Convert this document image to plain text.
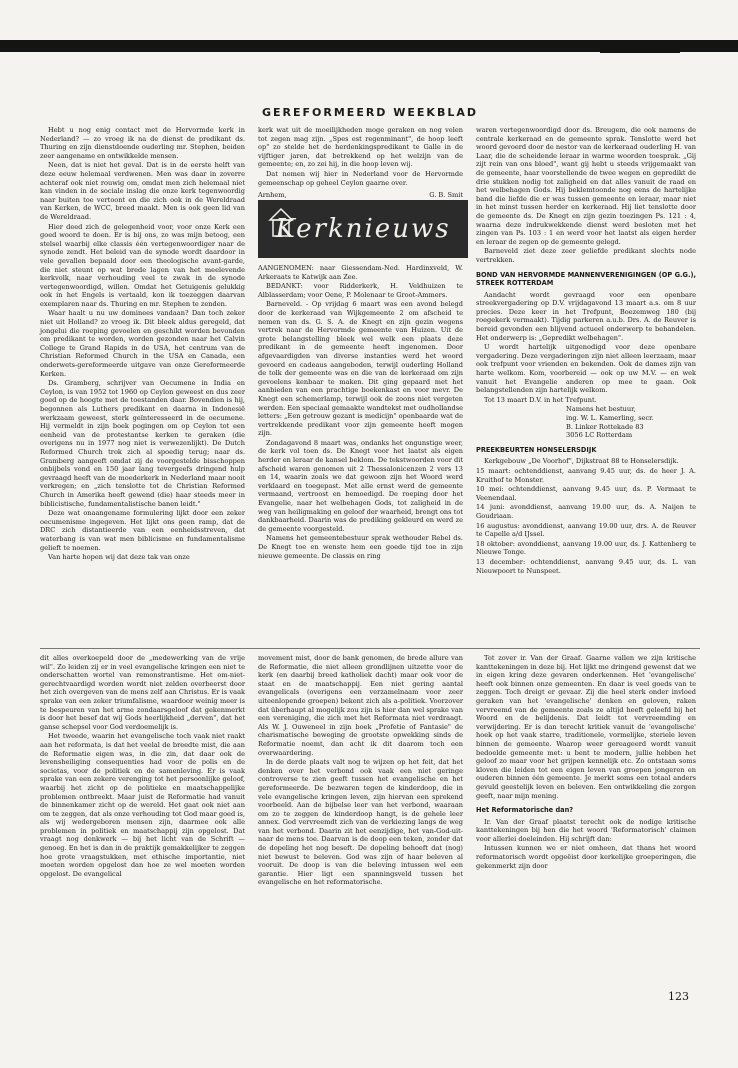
GEREFORMEERD WEEKBLAD

Hebt u nog enig contact met de Hervormde kerk in Nederland? — zo vroeg ik na de dienst de predikant ds. Thuring en zijn dienstdoende ouderling mr. Stephen, beiden zeer aangename en ontwikkelde mensen.

Neen, dat is niet het geval. Dat is in de eerste helft van deze eeuw helemaal verdwenen. Men was daar in zoverre achteraf ook niet rouwig om, omdat men zich helemaal niet kan vinden in de sociale inslag die onze kerk tegenwoordig naar buiten toe vertoont en die zich ook in de Wereldraad van Kerken, de WCC, breed maakt. Men is ook geen lid van de Wereldraad.

Hier deed zich de gelegenheid voor, voor onze Kerk een goed woord te doen. Er is bij ons, zo was mijn betoog, een stelsel waarbij elke classis één vertegenwoordiger naar de synode zendt. Het beleid van de synode wordt daardoor in vele gevallen bepaald door een theologische avant-garde, die niet steunt op wat brede lagen van het meelevende kerkvolk, naar verhouding veel te zwak in de synode vertegenwoordigd, willen. Omdat het Getuigenis gelukkig ook in het Engels is vertaald, kon ik toezeggen daarvan exemplaren naar ds. Thuring en mr. Stephen te zenden.

Waar haalt u nu uw dominees vandaan? Dan toch zeker niet uit Holland? zo vroeg ik. Dit bleek aldus geregeld, dat jongelui die roeping gevoelen en geschikt worden bevonden om predikant te worden, worden gezonden naar het Calvin College te Grand Rapids in de USA, het centrum van de Christian Reformed Church in the USA en Canada, een onderwets-gereformeerde uitgave van onze Gereformeerde Kerken.

Ds. Gramberg, schrijver van Oecumene in India en Ceylon, is van 1952 tot 1960 op Ceylon geweest en dus zeer goed op de hoogte met de toestanden daar. Bovendien is hij, begonnen als Luthers predikant en daarna in Indonesië werkzaam geweest, sterk geïnteresseerd in de oecumene. Hij vermeldt in zijn boek pogingen om op Ceylon tot een eenheid van de protestantse kerken te geraken (die overigens nu in 1977 nog niet is verwezenlijkt). De Dutch Reformed Church trok zich al spoedig terug; naar ds. Gramberg aangeeft omdat zij de voorgestelde bisschoppen onbijbels vond en 150 jaar lang tevergeefs dringend hulp gevraagd heeft van de moederkerk in Nederland maar nooit verkregen; en „zich tenslotte tot de Christian Reformed Church in Amerika heeft gewend (die) haar steeds meer in biblicistische, fundamentalistische banen leidt."

Deze wat onaangename formulering lijkt door een zeker oecumenisme ingegeven. Het lijkt ons geen ramp, dat de DRC zich distantieerde van een eenheidsstreven, dat waterbang is van wat men biblicisme en fundamentalisme gelieft te noemen.

Van harte hopen wij dat deze tak van onze

kerk wat uit de moeilijkheden moge geraken en nog velen tot zegen mag zijn. „Spes est regenminant", de hoop leeft op" zo stelde het de herdenkingspredikant te Galle in de vijftiger jaren, dat betrekkend op het welzijn van de gemeente; en, zo zei hij, in die hoop leven wij.

Dat nemen wij hier in Nederland voor de Hervormde gemeenschap op geheel Ceylon gaarne over.

Arnhem,	G. B. Smit
Kerknieuws

AANGENOMEN: naar Giessendam-Ned. Hardinxveld, W. Arkeraats te Katwijk aan Zee.

BEDANKT: voor Ridderkerk, H. Veldhuizen te Alblasserdam; voor Oene, P. Molenaar te Groot-Ammers.

Barneveld. - Op vrijdag 6 maart was een avond belegd door de kerkeraad van Wijkgemeente 2 om afscheid te nemen van ds. G. S. A. de Knegt en zijn gezin wegens vertrek naar de Hervormde gemeente van Huizen. Uit de grote belangstelling bleek wel welk een plaats deze predikant in de gemeente heeft ingenomen. Door afgevaardigden van diverse instanties werd het woord gevoerd en cadeaus aangeboden, terwijl ouderling Holland de tolk der gemeente was en die van de kerkeraad om zijn gevoelens kenbaar te maken. Dit ging gepaard met het aanbieden van een prachtige boekenkast en voor mevr. De Knegt een schemerlamp, terwijl ook de zoons niet vergeten werden. Een speciaal gemaakte wandtekst met oudhollandse letters: „Een getrouw gezant is medicijn" openbaarde wat de vertrekkende predikant voor zijn gemeente heeft mogen zijn.

Zondagavond 8 maart was, ondanks het ongunstige weer, de kerk vol toen ds. De Knegt voor het laatst als eigen herder en leraar de kansel beklom. De tekstwoorden voor dit afscheid waren genomen uit 2 Thessalonicenzen 2 vers 13 en 14, waarin zoals we dat gewoon zijn het Woord werd verklaard en toegepast. Met alle ernst werd de gemeente vermaand, vertroost en bemoedigd. De roeping door het Evangelie, naar het welbehagen Gods, tot zaligheid in de weg van heiligmaking en geloof der waarheid, brengt ons tot dankbaarheid. Daarin was de prediking gekleurd en werd ze de gemeente voorgesteld.

Namens het gemeentebestuur sprak wethouder Rebel ds. De Knegt toe en wenste hem een goede tijd toe in zijn nieuwe gemeente. De classis en ring

waren vertegenwoordigd door ds. Breugem, die ook namens de centrale kerkeraad en de gemeente sprak. Tenslotte werd het woord gevoerd door de nestor van de kerkeraad ouderling H. van Laar, die de scheidende leraar in warme woorden toesprak. „Gij zijt rein van ons bloed", want gij hebt u steeds vrijgemaakt van de gemeente, haar voorstellende de twee wegen en gepredikt de drie stukken nodig tot zaligheid en dat alles vanuit de raad en het welbehagen Gods. Hij beklemtoonde nog eens de hartelijke band die liefde die er was tussen gemeente en leraar, maar niet in het minst tussen herder en kerkeraad. Hij liet tenslotte door de gemeente ds. De Knegt en zijn gezin toezingen Ps. 121 : 4, waarna deze indrukwekkende dienst werd besloten met het zingen van Ps. 103 : 1 en werd voor het laatst als eigen herder en leraar de zegen op de gemeente gelegd.

Barneveld ziet deze zeer geliefde predikant slechts node vertrekken.

BOND VAN HERVORMDE MANNENVERENIGINGEN (OP G.G.), STREEK ROTTERDAM

Aandacht wordt gevraagd voor een openbare streekvergadering op D.V. vrijdagavond 13 maart a.s. om 8 uur precies. Deze keer in het Trefpunt, Boezemweg 180 (bij roegekerk vermaakt). Tijdig parkeren a.u.b. Drs. A. de Reuver is bereid gevonden een blijvend actueel onderwerp te behandelen. Het onderwerp is: „Gepredikt welbehagen".

U wordt hartelijk uitgenodigd voor deze openbare vergadering. Deze vergaderingen zijn niet alleen leerzaam, maar ook trefpunt voor vrienden en bekenden. Ook de dames zijn van harte welkom. Kom, voorbereid — ook op uw M.V. — en wek vanuit het Evangelie anderen op mee te gaan. Ook belangstellenden zijn hartelijk welkom.

Tot 13 maart D.V. in het Trefpunt.

Namens het bestuur,
ing. W. L. Kamerling, secr.
B. Linker Rottekade 83
3056 LC Rotterdam
PREEKBEURTEN HONSELERSDIJK

Kerkgebouw „De Voorhof", Dijkstraat 88 te Honselersdijk.

15 maart: ochtenddienst, aanvang 9.45 uur, ds. de heer J. A. Kruithof te Monster.

10 mei: ochtenddienst, aanvang 9.45 uur, ds. P. Vermaat te Veenendaal.

14 juni: avonddienst, aanvang 19.00 uur, ds. A. Naijen te Goudriaan.

16 augustus: avonddienst, aanvang 19.00 uur, drs. A. de Reuver te Capelle a/d IJssel.

18 oktober: avonddienst, aanvang 19.00 uur, ds. J. Kattenberg te Nieuwe Tonge.

13 december: ochtenddienst, aanvang 9.45 uur, ds. L. van Nieuwpoort te Nunspeet.

dit alles overkoepeld door de „medewerking van de vrije wil". Zo leiden zij er in veel evangelische kringen een niet te onderschatten wortel van remonstrantisme. Het om-niet-gerechtvaardigd worden wordt niet zelden overbeerst door het zich overgeven van de mens zelf aan Christus. Er is vaak sprake van een zeker triumfalisme, waardoor weinig meer is te bespeuren van het arme zondaarsgeloof dat gekenmerkt is door het besef dat wij Gods heerlijkheid „derven", dat het ganse schepsel voor God verdoemelijk is.

Het tweede, waarin het evangelische toch vaak niet raakt aan het reformata, is dat het veelal de breedte mist, die aan de Reformatie eigen was, in die zin, dat daar ook de levensheiliging consequenties had voor de polis en de societas, voor de politiek en de samenleving. Er is vaak sprake van een zekere verenging tot het persoonlijke geloof, waarbij het zicht op de politieke en maatschappelijke problemen ontbreekt. Maar juist de Reformatie had vanuit de binnenkamer zicht op de wereld. Het gaat ook niet aan om te zeggen, dat als onze verhouding tot God maar goed is, als wij wedergeboren mensen zijn, daarmee ook alle problemen in politiek en maatschappij zijn opgelost. Dat vraagt nog denkwerk — bij het licht van de Schrift — genoeg. En het is dan in de praktijk gemakkelijker te zeggen hoe grote vraagstukken, met ethische importantie, niet moeten worden opgelost dan hoe ze wel moeten worden opgelost. De evangelical

movement mist, door de bank genomen, de brede allure van de Reformatie, die niet alleen grondlijnen uitzette voor de kerk (en daarbij breed katholiek dacht) maar ook voor de staat en de maatschappij. Een niet gering aantal evangelicals (overigens een verzamelnaam voor zeer uiteenlopende groepen) bekent zich als a-politiek. Voorzover dat überhaupt al mogelijk zou zijn is hier dan wel sprake van een vereniging, die zich met het Reformata niet verdraagt. Als W. J. Ouweneel in zijn boek „Profetie of Fantasie" de charismatische beweging de grootste opwekking sinds de Reformatie noemt, dan acht ik dit daarom toch een overwaardering.

In de derde plaats valt nog te wijzen op het feit, dat het denken over het verbond ook vaak een niet geringe controverse te zien geeft tussen het evangelische en het gereformeerde. De bezwaren tegen de kinderdoop, die in vele evangelische kringen leven, zijn hiervan een sprekend voorbeeld. Aan de bijbelse leer van het verbond, waaraan om zo te zeggen de kinderdoop hangt, is de gehele leer annex. God vervreemdt zich van de verkiezing langs de weg van het verbond. Daarin zit het eenzijdige, het van-God-uit-naar de mens toe. Daarvan is de doop een teken, zonder dat de dopeling het nog beseft. De dopeling behoeft dat (nog) niet bewust te beleven. God was zijn of haar beleven al vooruit. De doop is van die beleving intussen wel een garantie. Hier ligt een spanningsveld tussen het evangelische en het reformatorische.

Tot zover ir. Van der Graaf. Gaarne vallen we zijn kritische kanttekeningen in deze bij. Het lijkt me dringend gewenst dat we in eigen kring deze gevaren onderkennen. Het 'evangelische' heeft ook binnen onze gemeenten. En daar is veel goeds van te zeggen. Toch dreigt er gevaar. Zij die heel sterk onder invloed geraken van het 'evangelische' denken en geloven, raken vervreemd van de gemeente zoals ze altijd heeft geleefd bij het Woord en de belijdenis. Dat leidt tot vervreemding en verwijdering. Er is dan terecht kritiek vanuit de 'evangelische' hoek op het vaak starre, traditionele, vormelijke, steriele leven binnen de gemeente. Waarop weer gereageerd wordt vanuit bedoelde gemeente met: u bent te modern, jullie hebben het geloof zo maar voor het grijpen kennelijk etc. Zo ontstaan soms kloven die leiden tot een eigen leven van groepen jongeren en ouderen binnen één gemeente. Je merkt soms een totaal anders gevuld geestelijk leven en beleven. Een ontwikkeling die zorgen geeft, naar mijn mening.

Het Reformatorische dan?

Ir. Van der Graaf plaatst terecht ook de nodige kritische kanttekeningen bij hen die het woord 'Reformatorisch' claimen voor allerlei doeleinden. Hij schrijft dan:

Intussen kunnen we er niet omheen, dat thans het woord reformatorisch wordt opgeëist door kerkelijke groeperingen, die gekenmerkt zijn door

123
